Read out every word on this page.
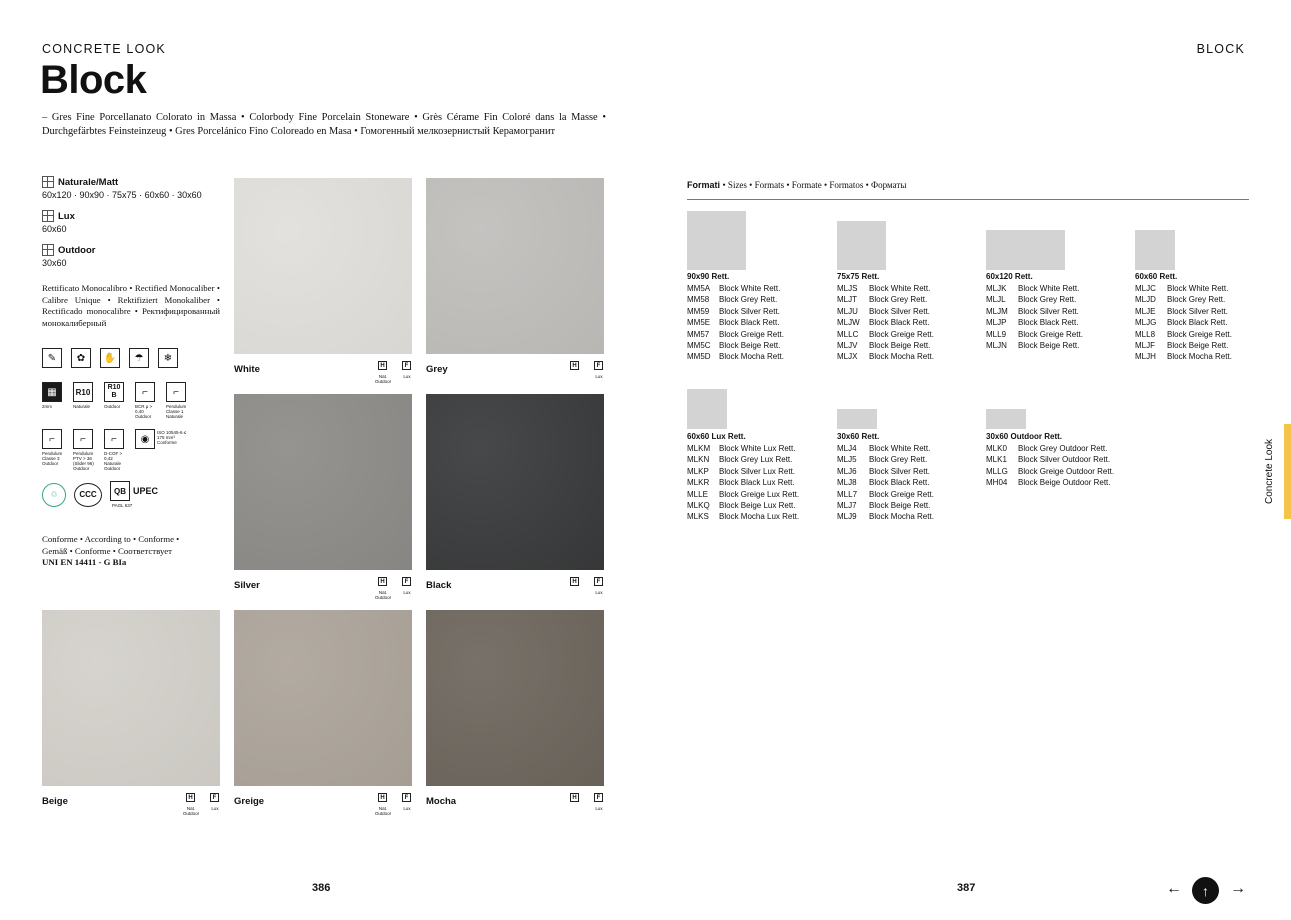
CONCRETE LOOK
Block
– Gres Fine Porcellanato Colorato in Massa • Colorbody Fine Porcelain Stoneware • Grès Cérame Fin Coloré dans la Masse • Durchgefärbtes Feinsteinzeug • Gres Porcelánico Fino Coloreado en Masa • Гомогенный мелкозернистый Керамогранит
BLOCK
Naturale/Matt
60x120 · 90x90 · 75x75 · 60x60 · 30x60
Lux
60x60
Outdoor
30x60
Rettificato Monocalibro • Rectified Monocaliber • Calibre Unique • Rektifiziert Monokaliber • Rectificado monocalibre • Ректифицированный монокалиберный
✎	✿	✋	☂	❄
▦
2mm
R10
Naturale
R10 B
Outdoor
⌐
BCR μ > 0,40 Outdoor
⌐
Pendulum Classe 1 Naturale
⌐
Pendulum Classe 3 Outdoor
⌐
Pendulum PTV > 36 (Slider 96) Outdoor
⌐
D-COF > 0,42 Naturale Outdoor
◉
ISO 10545-6 ≤ 175 mm³ Conforme
♲	CCC	QB UPEC
PAGL 637
Conforme • According to • Conforme • Gemäß • Conforme • Соответствует
UNI EN 14411 - G BIa
White	H
Nat. Outdoor
F
Lux
Grey	H	F
Lux
Silver	H
Nat. Outdoor
F
Lux
Black	H	F
Lux
Beige	H
Nat. Outdoor
F
Lux
Greige	H
Nat. Outdoor
F
Lux
Mocha	H	F
Lux
386	387
Formati • Sizes • Formats • Formate • Formatos • Форматы
90x90 Rett.
MM5A	Block White Rett.
MM58	Block Grey Rett.
MM59	Block Silver Rett.
MM5E	Block Black Rett.
MM57	Block Greige Rett.
MM5C	Block Beige Rett.
MM5D	Block Mocha Rett.
75x75 Rett.
MLJS	Block White Rett.
MLJT	Block Grey Rett.
MLJU	Block Silver Rett.
MLJW	Block Black Rett.
MLLC	Block Greige Rett.
MLJV	Block Beige Rett.
MLJX	Block Mocha Rett.
60x120 Rett.
MLJK	Block White Rett.
MLJL	Block Grey Rett.
MLJM	Block Silver Rett.
MLJP	Block Black Rett.
MLL9	Block Greige Rett.
MLJN	Block Beige Rett.
60x60 Rett.
MLJC	Block White Rett.
MLJD	Block Grey Rett.
MLJE	Block Silver Rett.
MLJG	Block Black Rett.
MLL8	Block Greige Rett.
MLJF	Block Beige Rett.
MLJH	Block Mocha Rett.
60x60 Lux Rett.
MLKM	Block White Lux Rett.
MLKN	Block Grey Lux Rett.
MLKP	Block Silver Lux Rett.
MLKR	Block Black Lux Rett.
MLLE	Block Greige Lux Rett.
MLKQ	Block Beige Lux Rett.
MLKS	Block Mocha Lux Rett.
30x60 Rett.
MLJ4	Block White Rett.
MLJ5	Block Grey Rett.
MLJ6	Block Silver Rett.
MLJ8	Block Black Rett.
MLL7	Block Greige Rett.
MLJ7	Block Beige Rett.
MLJ9	Block Mocha Rett.
30x60 Outdoor Rett.
MLK0	Block Grey Outdoor Rett.
MLK1	Block Silver Outdoor Rett.
MLLG	Block Greige Outdoor Rett.
MH04	Block Beige Outdoor Rett.	Concrete Look
←	↑	→
